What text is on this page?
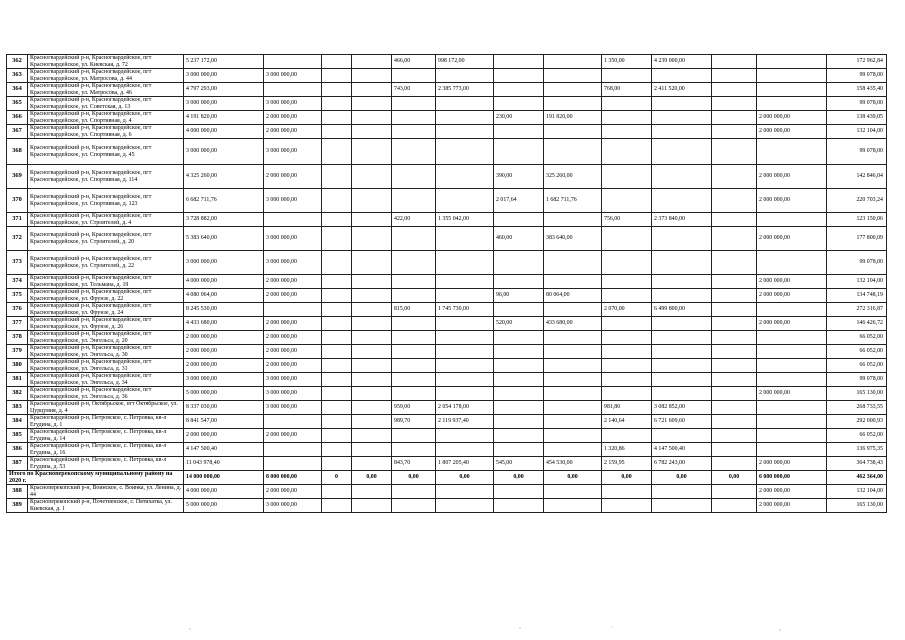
362	Красногвардейский р-н, Красногвардейское, пгт Красногвардейское, ул. Киевская, д. 72	5 237 172,00				466,00	998 172,00			1 350,00	4 239 000,00			172 962,84
363	Красногвардейский р-н, Красногвардейское, пгт Красногвардейское, ул. Матросова, д. 44	3 000 000,00	3 000 000,00											99 078,00
364	Красногвардейский р-н, Красногвардейское, пгт Красногвардейское, ул. Матросова, д. 46	4 797 293,00				743,00	2 385 773,00			768,00	2 411 520,00			158 435,40
365	Красногвардейский р-н, Красногвардейское, пгт Красногвардейское, ул. Советская, д. 13	3 000 000,00	3 000 000,00											99 078,00
366	Красногвардейский р-н, Красногвардейское, пгт Красногвардейское, ул. Спортивная, д. 4	4 191 820,00	2 000 000,00					230,00	191 820,00				2 000 000,00	138 439,05
367	Красногвардейский р-н, Красногвардейское, пгт Красногвардейское, ул. Спортивная, д. 6	4 000 000,00	2 000 000,00										2 000 000,00	132 104,00
368	Красногвардейский р-н, Красногвардейское, пгт Красногвардейское, ул. Спортивная, д. 45	3 000 000,00	3 000 000,00											99 078,00
369	Красногвардейский р-н, Красногвардейское, пгт Красногвардейское, ул. Спортивная, д. 114	4 325 260,00	2 000 000,00					390,00	325 260,00				2 000 000,00	142 846,04
370	Красногвардейский р-н, Красногвардейское, пгт Красногвардейское, ул. Спортивная, д. 123	6 682 711,76	3 000 000,00					2 017,64	1 682 711,76				2 000 000,00	220 703,24
371	Красногвардейский р-н, Красногвардейское, пгт Красногвардейское, ул. Строителей, д. 4	3 728 882,00				422,00	1 355 042,00			756,00	2 373 840,00			123 150,06
372	Красногвардейский р-н, Красногвардейское, пгт Красногвардейское, ул. Строителей, д. 20	5 383 640,00	3 000 000,00					460,00	383 640,00				2 000 000,00	177 800,09
373	Красногвардейский р-н, Красногвардейское, пгт Красногвардейское, ул. Строителей, д. 22	3 000 000,00	3 000 000,00											99 078,00
374	Красногвардейский р-н, Красногвардейское, пгт Красногвардейское, ул. Тельмана, д. 19	4 000 000,00	2 000 000,00										2 000 000,00	132 104,00
375	Красногвардейский р-н, Красногвардейское, пгт Красногвардейское, ул. Фрунзе, д. 22	4 080 064,00	2 000 000,00					96,00	80 064,00				2 000 000,00	134 748,19
376	Красногвардейский р-н, Красногвардейское, пгт Красногвардейское, ул. Фрунзе, д. 24	8 245 530,00				815,00	1 745 730,00			2 070,00	6 499 800,00			272 316,87
377	Красногвардейский р-н, Красногвардейское, пгт Красногвардейское, ул. Фрунзе, д. 26	4 433 680,00	2 000 000,00					520,00	433 680,00				2 000 000,00	146 426,72
378	Красногвардейский р-н, Красногвардейское, пгт Красногвардейское, ул. Энгельса, д. 20	2 000 000,00	2 000 000,00											66 052,00
379	Красногвардейский р-н, Красногвардейское, пгт Красногвардейское, ул. Энгельса, д. 30	2 000 000,00	2 000 000,00											66 052,00
380	Красногвардейский р-н, Красногвардейское, пгт Красногвардейское, ул. Энгельса, д. 31	2 000 000,00	2 000 000,00											66 052,00
381	Красногвардейский р-н, Красногвардейское, пгт Красногвардейское, ул. Энгельса, д. 34	3 000 000,00	3 000 000,00											99 078,00
382	Красногвардейский р-н, Красногвардейское, пгт Красногвардейское, ул. Энгельса, д. 36	5 000 000,00	3 000 000,00										2 000 000,00	165 130,00
383	Красногвардейский р-н, Октябрьское, пгт Октябрьское, ул. Цурцумия, д. 4	8 337 030,00	3 000 000,00			959,00	2 054 178,00			981,80	3 082 852,00			268 733,55
384	Красногвардейский р-н, Петровское, с. Петровка, кв-л Егудина, д. 1	8 841 547,00				989,70	2 119 937,40			2 140,64	6 721 609,60			292 000,93
385	Красногвардейский р-н, Петровское, с. Петровка, кв-л Егудина, д. 14	2 000 000,00	2 000 000,00											66 052,00
386	Красногвардейский р-н, Петровское, с. Петровка, кв-л Егудина, д. 16	4 147 500,40								1 320,86	4 147 500,40			136 975,35
387	Красногвардейский р-н, Петровское, с. Петровка, кв-л Егудина, д. 53	11 043 978,40				843,70	1 807 205,40	545,00	454 530,00	2 159,95	6 782 243,00		2 000 000,00	364 738,43
Итого по Красноперекопскому муниципальному району на 2020 г.		14 000 000,00	8 000 000,00	0	0,00	0,00	0,00	0,00	0,00	0,00	0,00	0,00	6 000 000,00	462 364,00
388	Красноперекопский р-н, Воинское, с. Воинка, ул. Ленина, д. 44	4 000 000,00	2 000 000,00										2 000 000,00	132 104,00
389	Красноперекопский р-н, Почетненское, с. Пятихатка, ул. Киевская, д. 1	5 000 000,00	3 000 000,00										2 000 000,00	165 130,00
